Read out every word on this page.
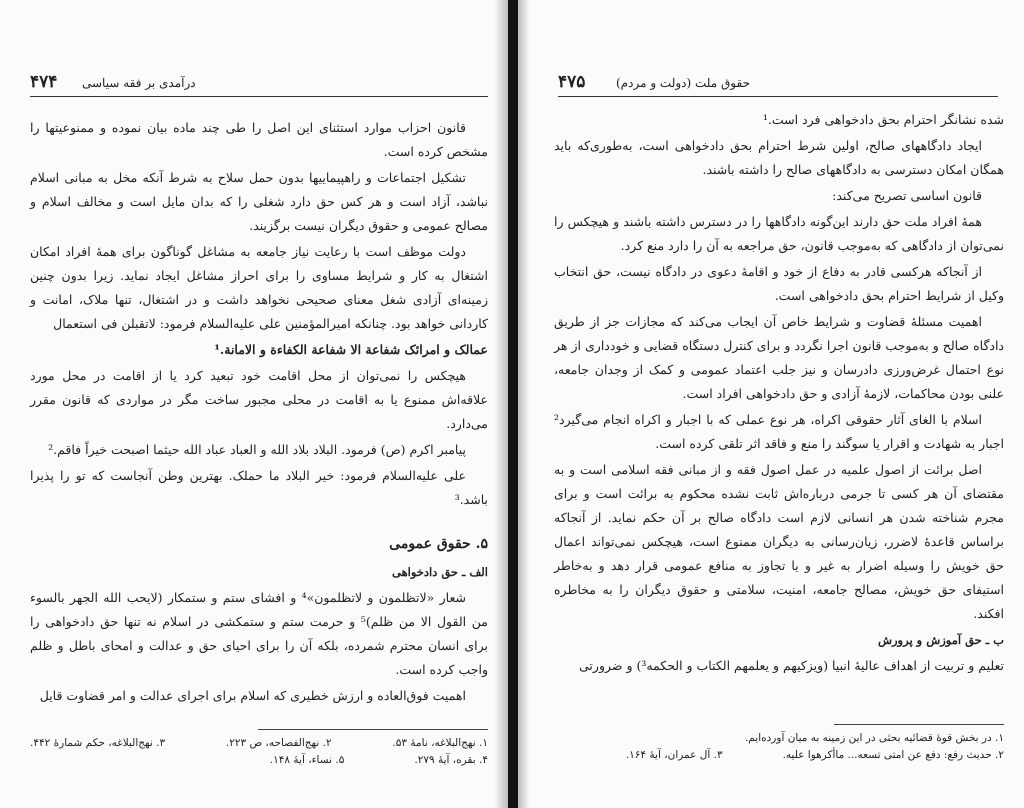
۴۷۴ درآمدی بر فقه سیاسی

قانون احزاب موارد استثنای این اصل را طی چند ماده بیان نموده و ممنوعیتها را مشخص کرده است.

تشکیل اجتماعات و راهپیماییها بدون حمل سلاح به شرط آنکه مخل به مبانی اسلام نباشد، آزاد است و هر کس حق دارد شغلی را که بدان مایل است و مخالف اسلام و مصالح عمومی و حقوق دیگران نیست برگزیند.

دولت موظف است با رعایت نیاز جامعه به مشاغل گوناگون برای همهٔ افراد امکان اشتغال به کار و شرایط مساوی را برای احراز مشاغل ایجاد نماید. زیرا بدون چنین زمینه‌ای آزادی شغل معنای صحیحی نخواهد داشت و در اشتغال، تنها ملاک، امانت و کاردانی خواهد بود. چنانکه امیرالمؤمنین علی علیه‌السلام فرمود: لاتقبلن فی استعمال

عمالک و امرائک شفاعة الا شفاعة الکفاءة و الامانة.¹

هیچکس را نمی‌توان از محل اقامت خود تبعید کرد یا از اقامت در محل مورد علاقه‌اش ممنوع یا به اقامت در محلی مجبور ساخت مگر در مواردی که قانون مقرر می‌دارد.

پیامبر اکرم (ص) فرمود. البلاد بلاد الله و العباد عباد الله حیثما اصبحت خیراً فاقم.²

علی علیه‌السلام فرمود: خیر البلاد ما حملک. بهترین وطن آنجاست که تو را پذیرا باشد.³

۵. حقوق عمومی
الف ـ حق دادخواهی

شعار «لاتظلمون و لاتظلمون»⁴ و افشای ستم و ستمکار (لایحب الله الجهر بالسوء من القول الا من ظلم)⁵ و حرمت ستم و ستمکشی در اسلام نه تنها حق دادخواهی را برای انسان محترم شمرده، بلکه آن را برای احیای حق و عدالت و امحای باطل و ظلم واجب کرده است.

اهمیت فوق‌العاده و ارزش خطیری که اسلام برای اجرای عدالت و امر قضاوت قایل

۱. نهج‌البلاغه، نامهٔ ۵۳.
۲. نهج‌الفصاحه، ص ۲۲۳.
۳. نهج‌البلاغه، حکم شمارهٔ ۴۴۲.
۴. بقره، آیهٔ ۲۷۹.
۵. نساء، آیهٔ ۱۴۸.
۴۷۵	حقوق ملت (دولت و مردم)

شده نشانگر احترام بحق دادخواهی فرد است.¹

ایجاد دادگاههای صالح، اولین شرط احترام بحق دادخواهی است، به‌طوری‌که باید همگان امکان دسترسی به دادگاههای صالح را داشته باشند.

قانون اساسی تصریح می‌کند:

همهٔ افراد ملت حق دارند این‌گونه دادگاهها را در دسترس داشته باشند و هیچکس را نمی‌توان از دادگاهی که به‌موجب قانون، حق مراجعه به آن را دارد منع کرد.

از آنجاکه هرکسی قادر به دفاع از خود و اقامهٔ دعوی در دادگاه نیست، حق انتخاب وکیل از شرایط احترام بحق دادخواهی است.

اهمیت مسئلهٔ قضاوت و شرایط خاص آن ایجاب می‌کند که مجازات جز از طریق دادگاه صالح و به‌موجب قانون اجرا نگردد و برای کنترل دستگاه قضایی و خودداری از هر نوع احتمال غرض‌ورزی دادرسان و نیز جلب اعتماد عمومی و کمک از وجدان جامعه، علنی بودن محاکمات، لازمهٔ آزادی و حق دادخواهی افراد است.

اسلام با الغای آثار حقوقی اکراه، هر نوع عملی که با اجبار و اکراه انجام می‌گیرد² اجبار به شهادت و اقرار یا سوگند را منع و فاقد اثر تلقی کرده است.

اصل برائت از اصول علمیه در عمل اصول فقه و از مبانی فقه اسلامی است و به مقتضای آن هر کسی تا جرمی درباره‌اش ثابت نشده محکوم به برائت است و برای مجرم شناخته شدن هر انسانی لازم است دادگاه صالح بر آن حکم نماید. از آنجاکه براساس قاعدهٔ لاضرر، زیان‌رسانی به دیگران ممنوع است، هیچکس نمی‌تواند اعمال حق خویش را وسیله اضرار به غیر و یا تجاوز به منافع عمومی قرار دهد و به‌خاطر استیفای حق خویش، مصالح جامعه، امنیت، سلامتی و حقوق دیگران را به مخاطره افکند.

ب ـ حق آموزش و پرورش

تعلیم و تربیت از اهداف عالیهٔ انبیا (ویزکیهم و یعلمهم الکتاب و الحکمه³) و ضرورتی

۱. در بخش قوهٔ قضائیه بحثی در این زمینه به میان آورده‌ایم.
۲. حدیث رفع: دفع عن امتی تسعه... ماأکرهوا علیه.
۳. آل عمران، آیهٔ ۱۶۴.
